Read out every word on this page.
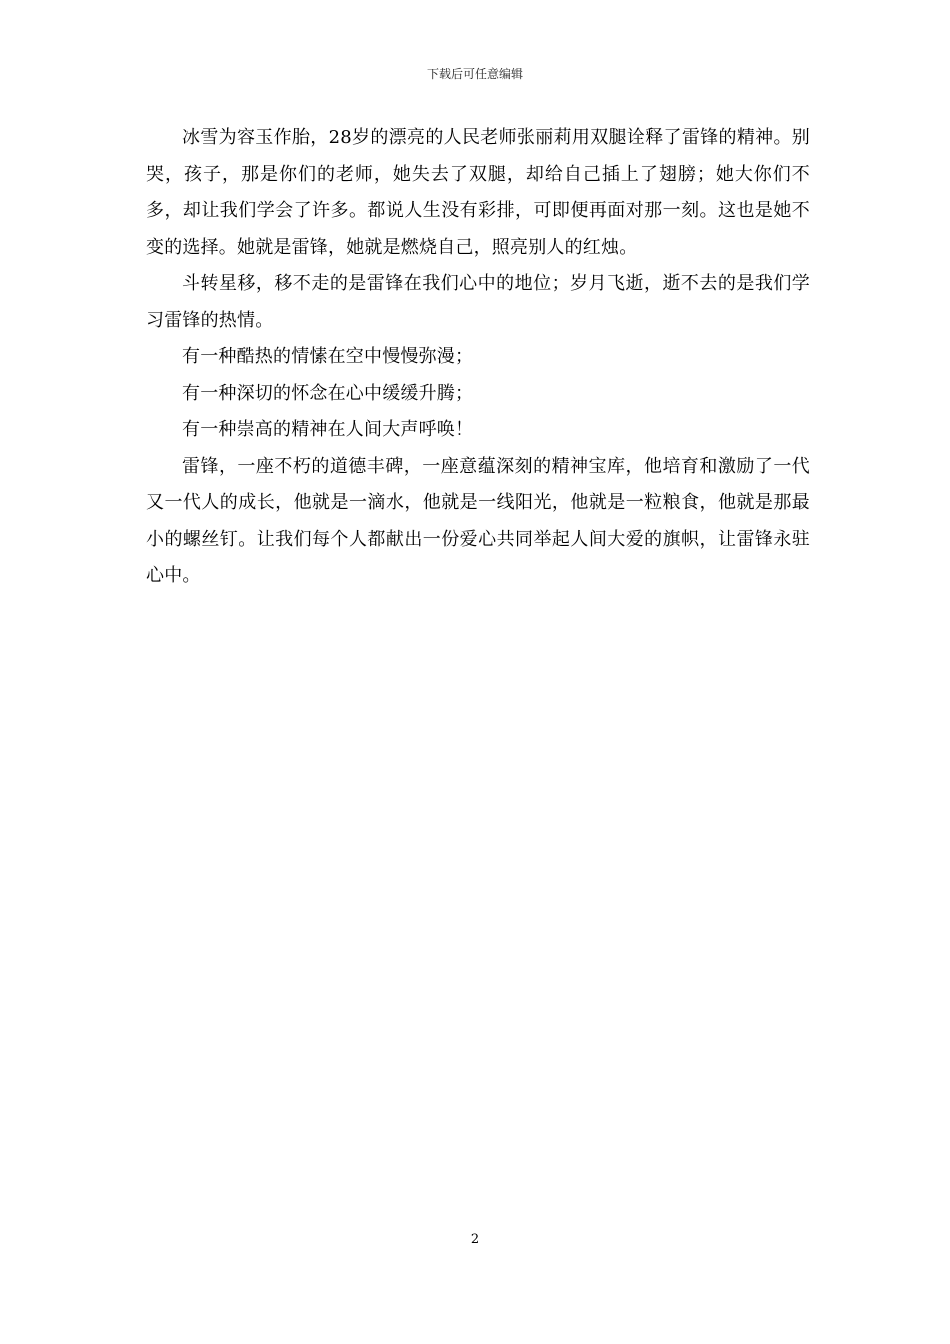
下载后可任意编辑

冰雪为容玉作胎，28岁的漂亮的人民老师张丽莉用双腿诠释了雷锋的精神。别哭，孩子，那是你们的老师，她失去了双腿，却给自己插上了翅膀；她大你们不多，却让我们学会了许多。都说人生没有彩排，可即便再面对那一刻。这也是她不变的选择。她就是雷锋，她就是燃烧自己，照亮别人的红烛。

斗转星移，移不走的是雷锋在我们心中的地位；岁月飞逝，逝不去的是我们学习雷锋的热情。

有一种酷热的情愫在空中慢慢弥漫；

有一种深切的怀念在心中缓缓升腾；

有一种崇高的精神在人间大声呼唤！

雷锋，一座不朽的道德丰碑，一座意蕴深刻的精神宝库，他培育和激励了一代又一代人的成长，他就是一滴水，他就是一线阳光，他就是一粒粮食，他就是那最小的螺丝钉。让我们每个人都献出一份爱心共同举起人间大爱的旗帜，让雷锋永驻心中。

2
